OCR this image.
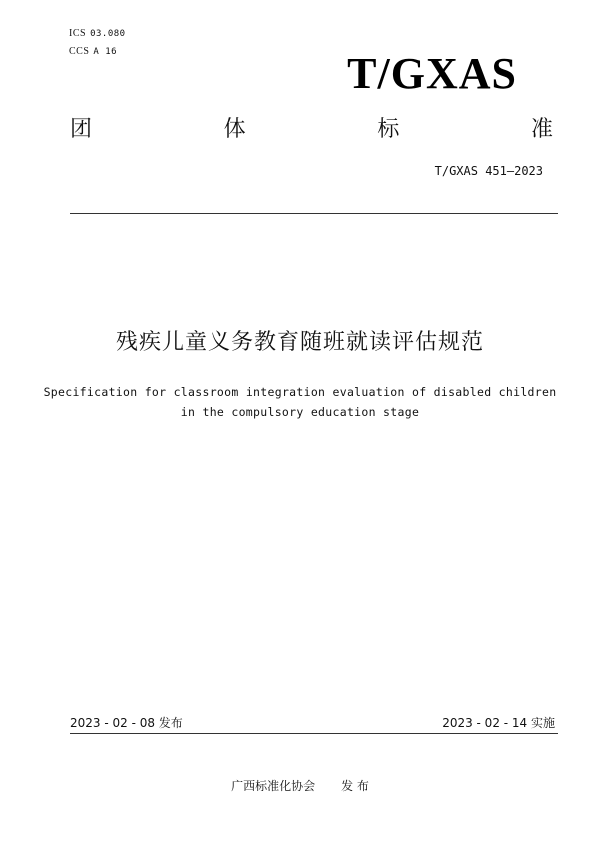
ICS 03.080
CCS A 16	T/GXAS
团	体	标	准
T/GXAS 451—2023
残疾儿童义务教育随班就读评估规范
Specification for classroom integration evaluation of disabled children
in the compulsory education stage
2023 - 02 - 08 发布	2023 - 02 - 14 实施
广西标准化协会 发 布
